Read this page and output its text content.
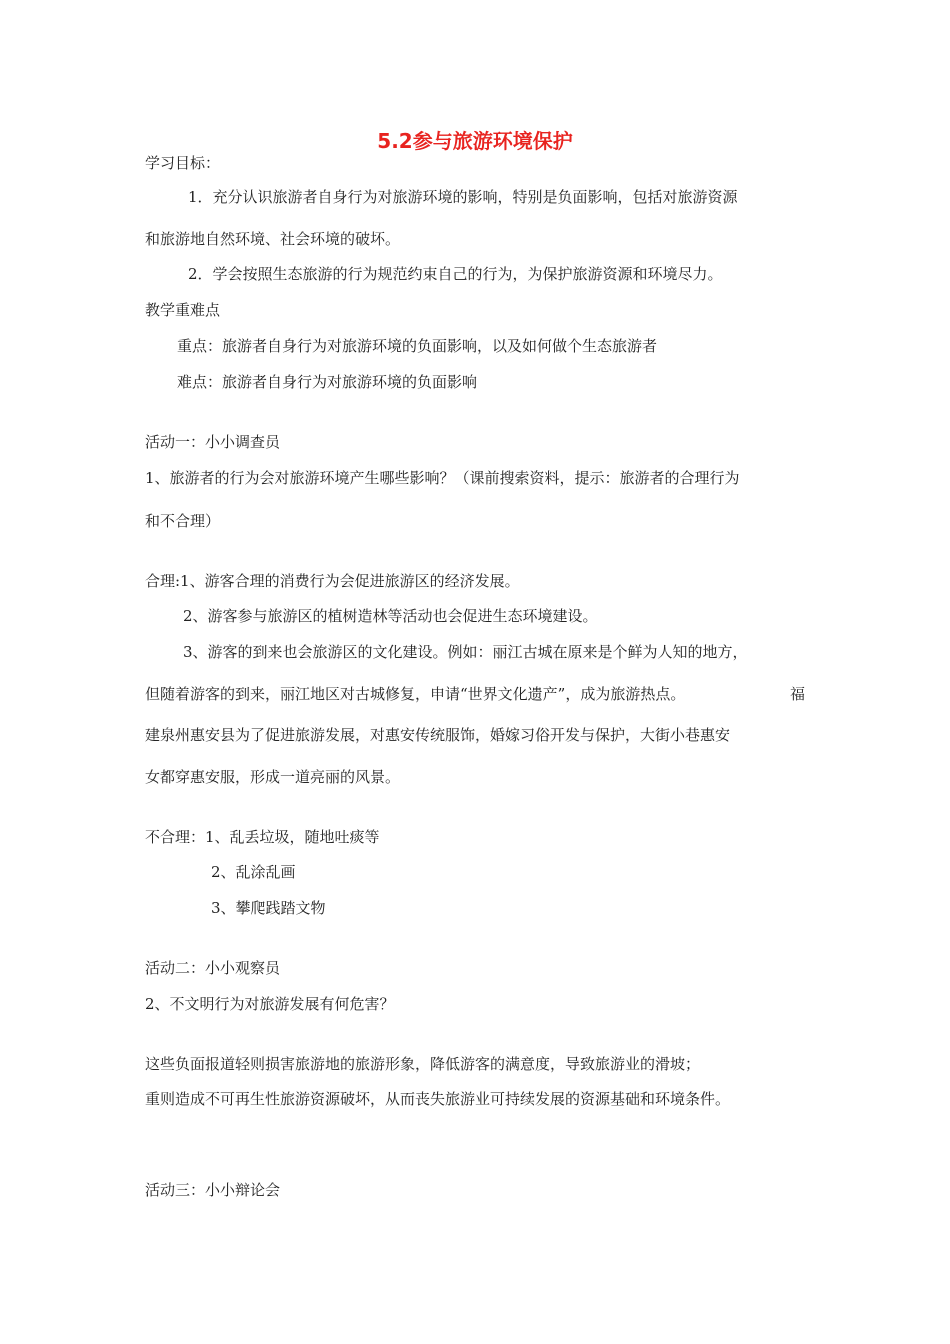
5.2参与旅游环境保护
学习目标：
1．充分认识旅游者自身行为对旅游环境的影响，特别是负面影响，包括对旅游资源
和旅游地自然环境、社会环境的破坏。
2．学会按照生态旅游的行为规范约束自己的行为，为保护旅游资源和环境尽力。
教学重难点
重点：旅游者自身行为对旅游环境的负面影响，以及如何做个生态旅游者
难点：旅游者自身行为对旅游环境的负面影响
活动一：小小调查员
1、旅游者的行为会对旅游环境产生哪些影响？（课前搜索资料，提示：旅游者的合理行为
和不合理）
合理:1、游客合理的消费行为会促进旅游区的经济发展。
2、游客参与旅游区的植树造林等活动也会促进生态环境建设。
3、游客的到来也会旅游区的文化建设。例如：丽江古城在原来是个鲜为人知的地方，
但随着游客的到来，丽江地区对古城修复，申请“世界文化遗产”，成为旅游热点。	福
建泉州惠安县为了促进旅游发展，对惠安传统服饰，婚嫁习俗开发与保护，大街小巷惠安
女都穿惠安服，形成一道亮丽的风景。
不合理：1、乱丢垃圾，随地吐痰等
2、乱涂乱画
3、攀爬践踏文物
活动二：小小观察员
2、不文明行为对旅游发展有何危害？
这些负面报道轻则损害旅游地的旅游形象，降低游客的满意度，导致旅游业的滑坡；
重则造成不可再生性旅游资源破坏，从而丧失旅游业可持续发展的资源基础和环境条件。
活动三：小小辩论会
